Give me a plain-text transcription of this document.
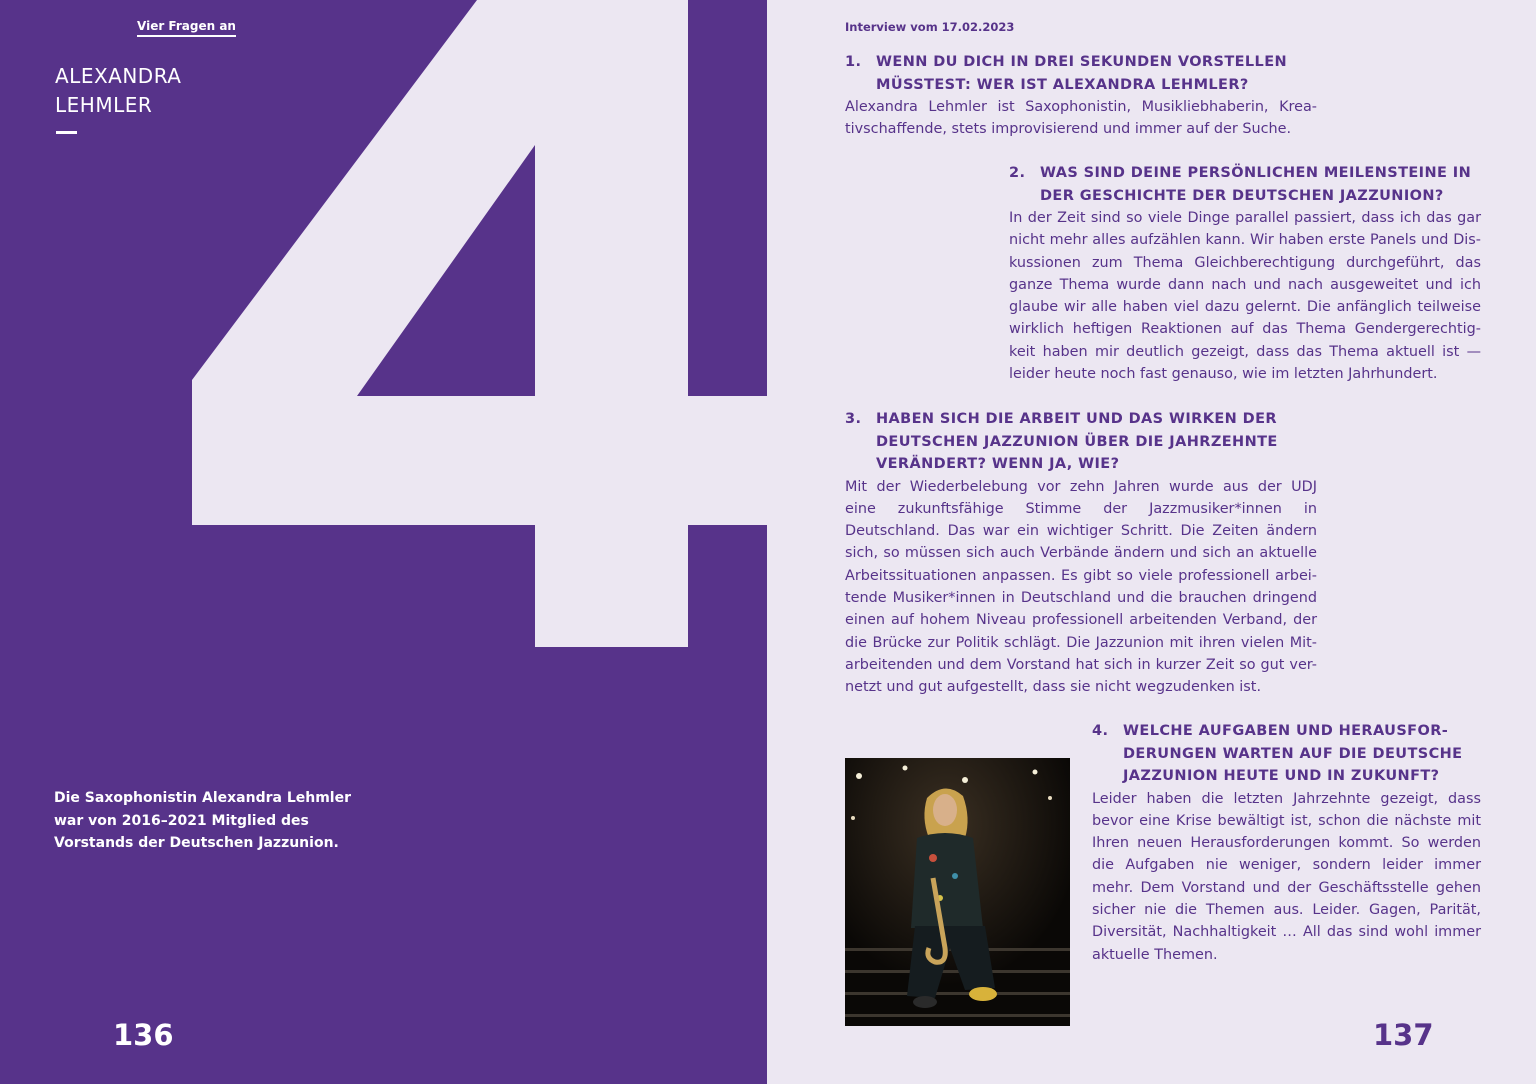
Vier Fragen an
ALEXANDRA
LEHMLER
Die Saxophonistin Alexandra Lehmler
war von 2016–2021 Mitglied des
Vorstands der Deutschen Jazzunion.
136
Interview vom 17.02.2023
1. WENN DU DICH IN DREI SEKUNDEN VORSTELLEN
MÜSSTEST: WER IST ALEXANDRA LEHMLER?
Alexandra Lehmler ist Saxophonistin, Musikliebhaberin, Krea-
tivschaffende, stets improvisierend und immer auf der Suche.
2. WAS SIND DEINE PERSÖNLICHEN MEILENSTEINE IN
DER GESCHICHTE DER DEUTSCHEN JAZZUNION?
In der Zeit sind so viele Dinge parallel passiert, dass ich das gar
nicht mehr alles aufzählen kann. Wir haben erste Panels und Dis-
kussionen zum Thema Gleichberechtigung durchgeführt, das
ganze Thema wurde dann nach und nach ausgeweitet und ich
glaube wir alle haben viel dazu gelernt. Die anfänglich teilweise
wirklich heftigen Reaktionen auf das Thema Gendergerechtig-
keit haben mir deutlich gezeigt, dass das Thema aktuell ist —
leider heute noch fast genauso, wie im letzten Jahrhundert.
3. HABEN SICH DIE ARBEIT UND DAS WIRKEN DER
DEUTSCHEN JAZZUNION ÜBER DIE JAHRZEHNTE
VERÄNDERT? WENN JA, WIE?
Mit der Wiederbelebung vor zehn Jahren wurde aus der UDJ
eine zukunftsfähige Stimme der Jazzmusiker*innen in
Deutschland. Das war ein wichtiger Schritt. Die Zeiten ändern
sich, so müssen sich auch Verbände ändern und sich an aktuelle
Arbeitssituationen anpassen. Es gibt so viele professionell arbei-
tende Musiker*innen in Deutschland und die brauchen dringend
einen auf hohem Niveau professionell arbeitenden Verband, der
die Brücke zur Politik schlägt. Die Jazzunion mit ihren vielen Mit-
arbeitenden und dem Vorstand hat sich in kurzer Zeit so gut ver-
netzt und gut aufgestellt, dass sie nicht wegzudenken ist.
4. WELCHE AUFGABEN UND HERAUSFOR-
DERUNGEN WARTEN AUF DIE DEUTSCHE
JAZZUNION HEUTE UND IN ZUKUNFT?
Leider haben die letzten Jahrzehnte gezeigt, dass
bevor eine Krise bewältigt ist, schon die nächste mit
Ihren neuen Herausforderungen kommt. So werden
die Aufgaben nie weniger, sondern leider immer
mehr. Dem Vorstand und der Geschäftsstelle gehen
sicher nie die Themen aus. Leider. Gagen, Parität,
Diversität, Nachhaltigkeit … All das sind wohl immer
aktuelle Themen.
137
